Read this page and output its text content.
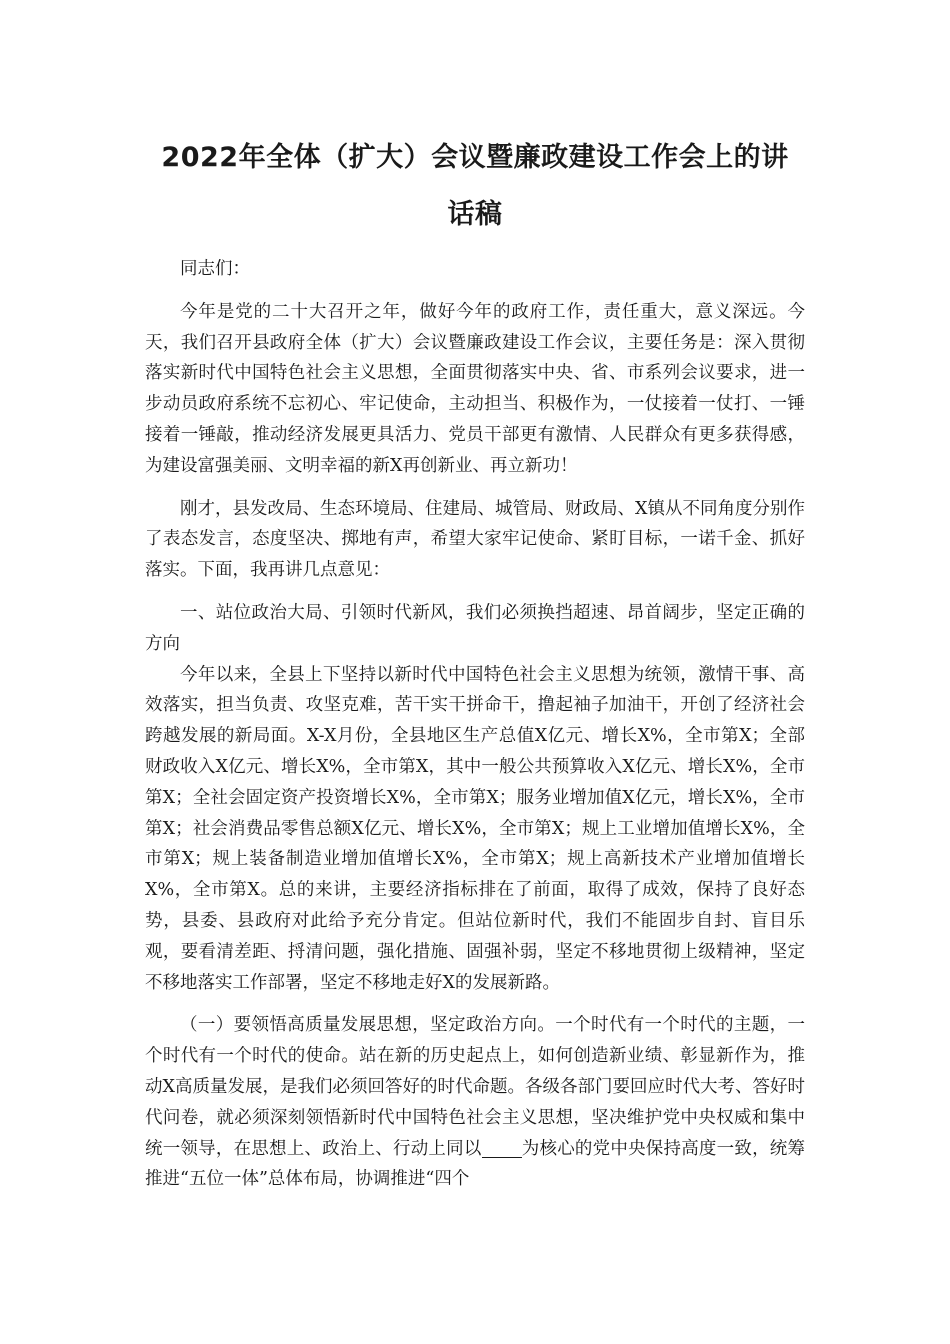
2022年全体（扩大）会议暨廉政建设工作会上的讲
话稿

同志们：

今年是党的二十大召开之年，做好今年的政府工作，责任重大，意义深远。今天，我们召开县政府全体（扩大）会议暨廉政建设工作会议，主要任务是：深入贯彻落实新时代中国特色社会主义思想，全面贯彻落实中央、省、市系列会议要求，进一步动员政府系统不忘初心、牢记使命，主动担当、积极作为，一仗接着一仗打、一锤接着一锤敲，推动经济发展更具活力、党员干部更有激情、人民群众有更多获得感，为建设富强美丽、文明幸福的新X再创新业、再立新功！

刚才，县发改局、生态环境局、住建局、城管局、财政局、X镇从不同角度分别作了表态发言，态度坚决、掷地有声，希望大家牢记使命、紧盯目标，一诺千金、抓好落实。下面，我再讲几点意见：

一、站位政治大局、引领时代新风，我们必须换挡超速、昂首阔步，坚定正确的方向

今年以来，全县上下坚持以新时代中国特色社会主义思想为统领，激情干事、高效落实，担当负责、攻坚克难，苦干实干拼命干，撸起袖子加油干，开创了经济社会跨越发展的新局面。X-X月份，全县地区生产总值X亿元、增长X%，全市第X；全部财政收入X亿元、增长X%，全市第X，其中一般公共预算收入X亿元、增长X%，全市第X；全社会固定资产投资增长X%，全市第X；服务业增加值X亿元，增长X%，全市第X；社会消费品零售总额X亿元、增长X%，全市第X；规上工业增加值增长X%，全市第X；规上装备制造业增加值增长X%，全市第X；规上高新技术产业增加值增长X%，全市第X。总的来讲，主要经济指标排在了前面，取得了成效，保持了良好态势，县委、县政府对此给予充分肯定。但站位新时代，我们不能固步自封、盲目乐观，要看清差距、捋清问题，强化措施、固强补弱，坚定不移地贯彻上级精神，坚定不移地落实工作部署，坚定不移地走好X的发展新路。

（一）要领悟高质量发展思想，坚定政治方向。一个时代有一个时代的主题，一个时代有一个时代的使命。站在新的历史起点上，如何创造新业绩、彰显新作为，推动X高质量发展，是我们必须回答好的时代命题。各级各部门要回应时代大考、答好时代问卷，就必须深刻领悟新时代中国特色社会主义思想，坚决维护党中央权威和集中统一领导，在思想上、政治上、行动上同以 为核心的党中央保持高度一致，统筹推进“五位一体”总体布局，协调推进“四个
